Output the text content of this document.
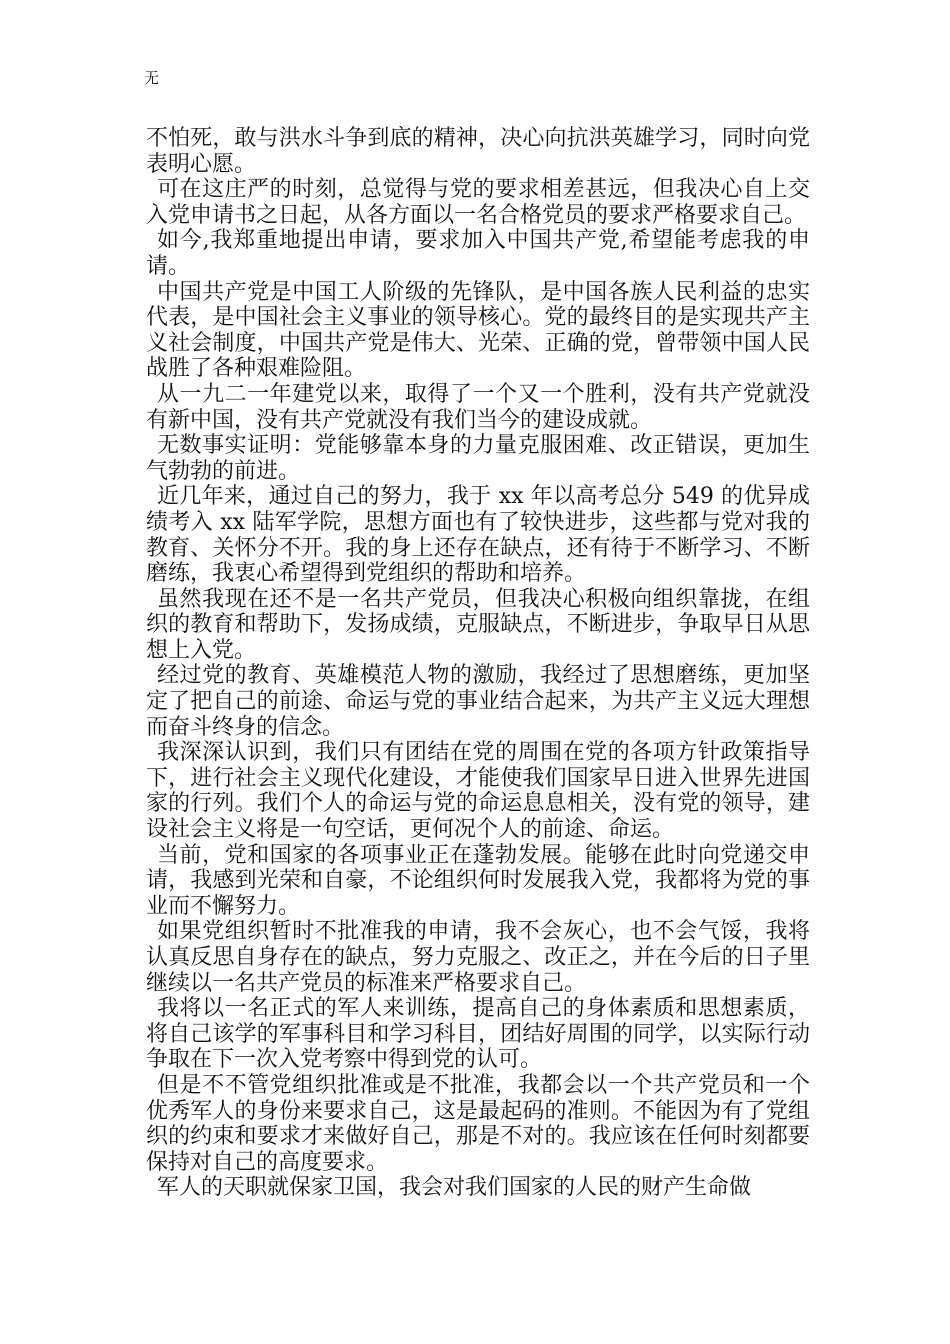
无

不怕死，敢与洪水斗争到底的精神，决心向抗洪英雄学习，同时向党表明心愿。

可在这庄严的时刻，总觉得与党的要求相差甚远，但我决心自上交入党申请书之日起，从各方面以一名合格党员的要求严格要求自己。

如今,我郑重地提出申请，要求加入中国共产党,希望能考虑我的申请。

中国共产党是中国工人阶级的先锋队，是中国各族人民利益的忠实代表，是中国社会主义事业的领导核心。党的最终目的是实现共产主义社会制度，中国共产党是伟大、光荣、正确的党，曾带领中国人民战胜了各种艰难险阻。

从一九二一年建党以来，取得了一个又一个胜利，没有共产党就没有新中国，没有共产党就没有我们当今的建设成就。

无数事实证明：党能够靠本身的力量克服困难、改正错误，更加生气勃勃的前进。

近几年来，通过自己的努力，我于 xx 年以高考总分 549 的优异成绩考入 xx 陆军学院，思想方面也有了较快进步，这些都与党对我的教育、关怀分不开。我的身上还存在缺点，还有待于不断学习、不断磨练，我衷心希望得到党组织的帮助和培养。

虽然我现在还不是一名共产党员，但我决心积极向组织靠拢，在组织的教育和帮助下，发扬成绩，克服缺点，不断进步，争取早日从思想上入党。

经过党的教育、英雄模范人物的激励，我经过了思想磨练，更加坚定了把自己的前途、命运与党的事业结合起来，为共产主义远大理想而奋斗终身的信念。

我深深认识到，我们只有团结在党的周围在党的各项方针政策指导下，进行社会主义现代化建设，才能使我们国家早日进入世界先进国家的行列。我们个人的命运与党的命运息息相关，没有党的领导，建设社会主义将是一句空话，更何况个人的前途、命运。

当前，党和国家的各项事业正在蓬勃发展。能够在此时向党递交申请，我感到光荣和自豪，不论组织何时发展我入党，我都将为党的事业而不懈努力。

如果党组织暂时不批准我的申请，我不会灰心，也不会气馁，我将认真反思自身存在的缺点，努力克服之、改正之，并在今后的日子里继续以一名共产党员的标准来严格要求自己。

我将以一名正式的军人来训练，提高自己的身体素质和思想素质，将自己该学的军事科目和学习科目，团结好周围的同学，以实际行动争取在下一次入党考察中得到党的认可。

但是不不管党组织批准或是不批准，我都会以一个共产党员和一个优秀军人的身份来要求自己，这是最起码的准则。不能因为有了党组织的约束和要求才来做好自己，那是不对的。我应该在任何时刻都要保持对自己的高度要求。

军人的天职就保家卫国，我会对我们国家的人民的财产生命做
